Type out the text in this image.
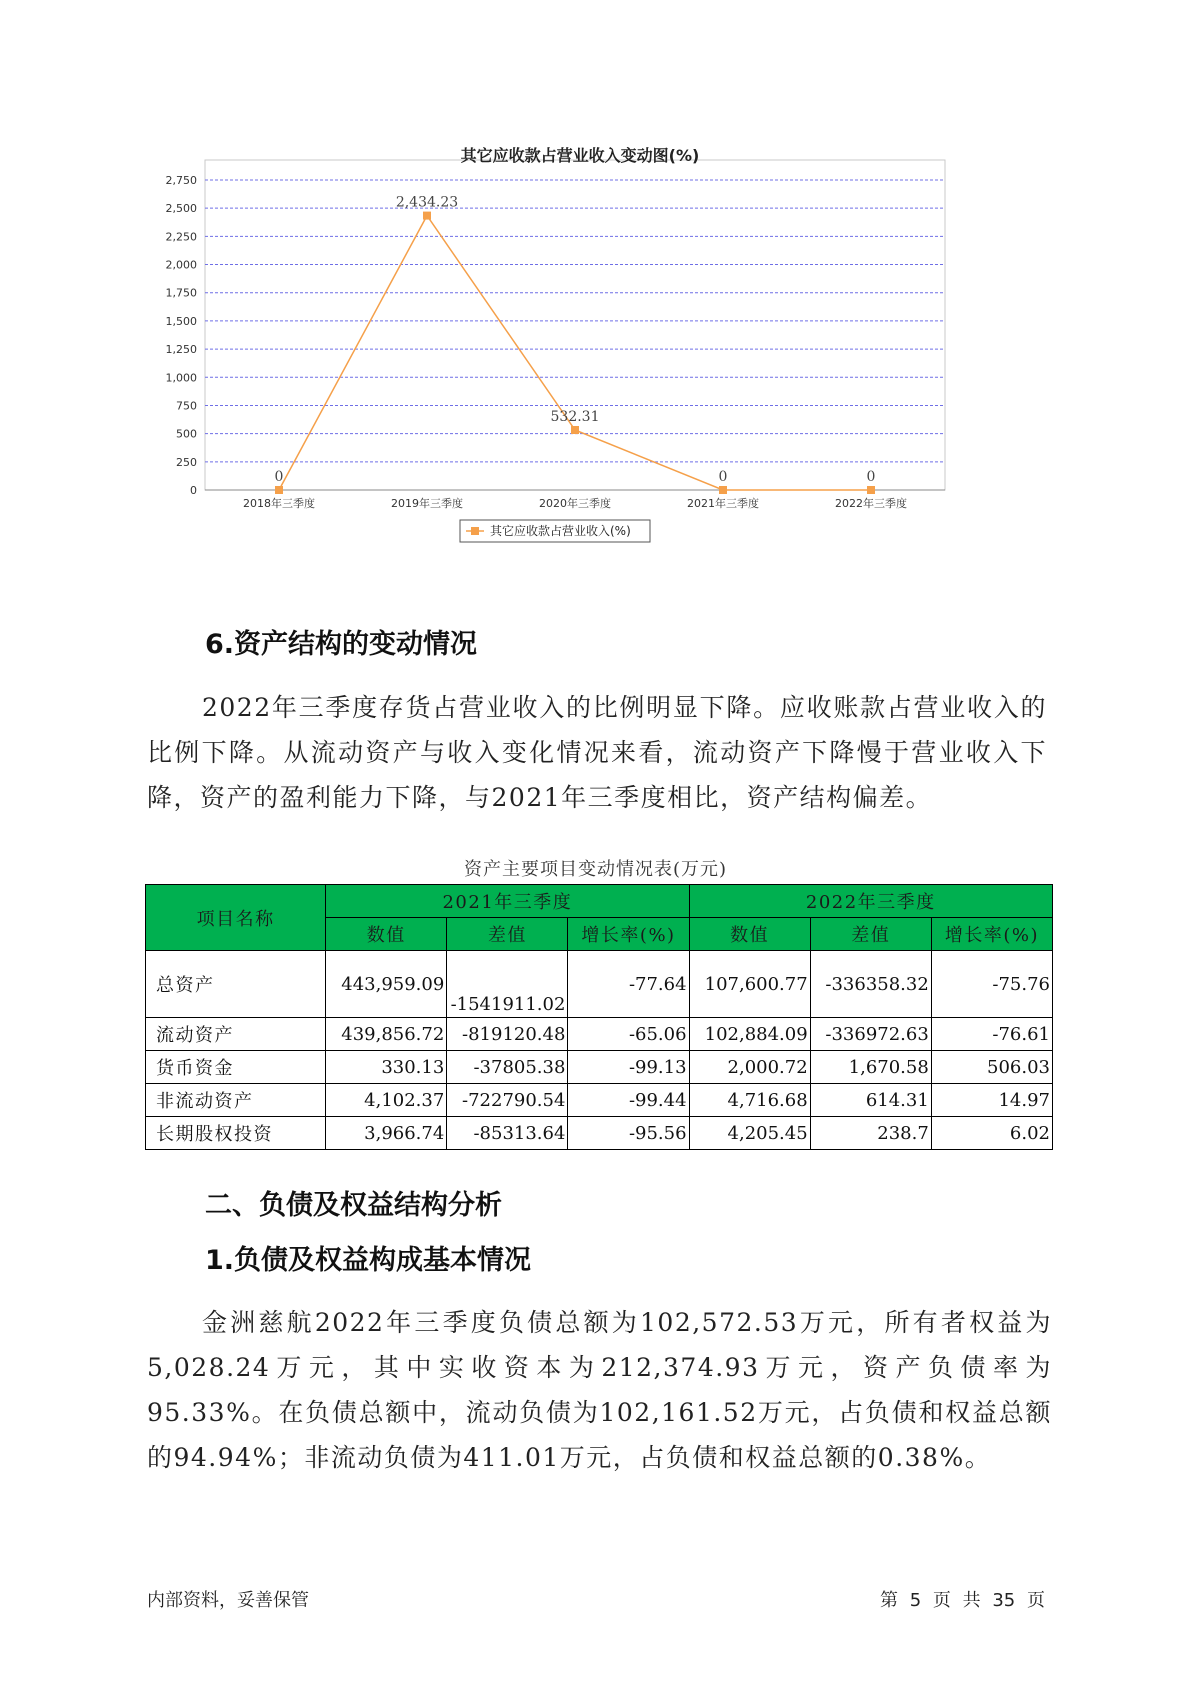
0
250
500
750
1,000
1,250
1,500
1,750
2,000
2,250
2,500
2,750
2018年三季度	2019年三季度	2020年三季度	2021年三季度	2022年三季度
0
2,434.23
532.31
0	0
其它应收款占营业收入(%)
其它应收款占营业收入变动图(%)
6.资产结构的变动情况
2022年三季度存货占营业收入的比例明显下降。应收账款占营业收入的比例下降。从流动资产与收入变化情况来看，流动资产下降慢于营业收入下降，资产的盈利能力下降，与2021年三季度相比，资产结构偏差。
资产主要项目变动情况表(万元)
项目名称	2021年三季度			2022年三季度		
	数值	差值	增长率(%)	数值	差值	增长率(%)
总资产	443,959.09	-1541911.02	-77.64	107,600.77	-336358.32	-75.76
流动资产	439,856.72	-819120.48	-65.06	102,884.09	-336972.63	-76.61
货币资金	330.13	-37805.38	-99.13	2,000.72	1,670.58	506.03
非流动资产	4,102.37	-722790.54	-99.44	4,716.68	614.31	14.97
长期股权投资	3,966.74	-85313.64	-95.56	4,205.45	238.7	6.02
二、负债及权益结构分析
1.负债及权益构成基本情况
金洲慈航2022年三季度负债总额为102,572.53万元，所有者权益为5,028.24万元，其中实收资本为212,374.93万元，资产负债率为95.33%。在负债总额中，流动负债为102,161.52万元，占负债和权益总额的94.94%；非流动负债为411.01万元，占负债和权益总额的0.38%。
内部资料，妥善保管	第 5 页 共 35 页
